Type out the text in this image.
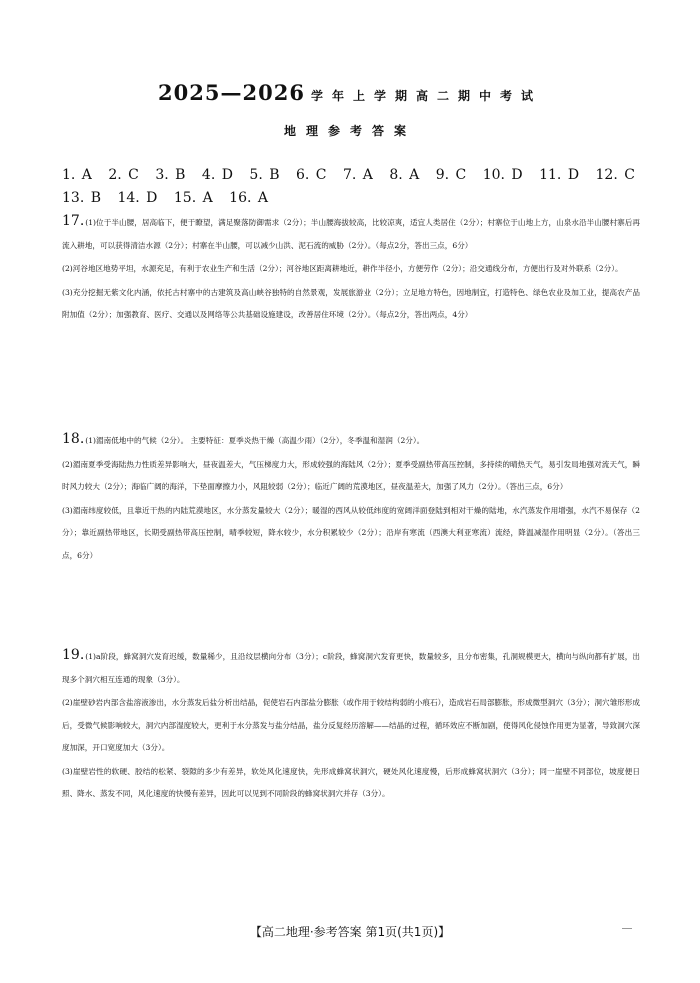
2025—2026 学年上学期高二期中考试
地理参考答案
1. A 2. C 3. B 4. D 5. B 6. C 7. A 8. A 9. C 10. D 11. D 12. C 13. B 14. D 15. A 16. A

17.(1)位于半山腰，居高临下，便于瞭望，满足聚落防御需求（2分）；半山腰海拔较高，比较凉爽，适宜人类居住（2分）；村寨位于山地上方，山泉水沿半山腰村寨后再流入耕地，可以获得清洁水源（2分）；村寨在半山腰，可以减少山洪、泥石流的威胁（2分）。（每点2分，答出三点，6分）

(2)河谷地区地势平坦，水源充足，有利于农业生产和生活（2分）；河谷地区距离耕地近，耕作半径小，方便劳作（2分）；沿交通线分布，方便出行及对外联系（2分）。

(3)充分挖掘无紫文化内涵，依托古村寨中的古建筑及高山峡谷独特的自然景观，发展旅游业（2分）；立足地方特色，因地制宜，打造特色、绿色农业及加工业，提高农产品附加值（2分）；加强教育、医疗、交通以及网络等公共基础设施建设，改善居住环境（2分）。（每点2分，答出两点，4分）

18.(1)湄南低地中的气候（2分）。 主要特征：夏季炎热干燥（高温少雨）（2分），冬季温和湿润（2分）。

(2)湄南夏季受海陆热力性质差异影响大，昼夜温差大，气压梯度力大，形成较强的海陆风（2分）；夏季受副热带高压控制，多持续的晴热天气，易引发局地强对流天气，瞬时风力较大（2分）；海临广阔的海洋，下垫面摩擦力小，风阻较弱（2分）；临近广阔的荒漠地区，昼夜温差大，加强了风力（2分）。（答出三点，6分）

(3)湄南纬度较低，且靠近干热的内陆荒漠地区，水分蒸发量较大（2分）；暖湿的西风从较低纬度的宽阔洋面登陆到相对干燥的陆地，水汽蒸发作用增强，水汽不易保存（2分）；靠近副热带地区，长期受副热带高压控制，晴季较短，降水较少，水分积累较少（2分）；沿岸有寒流（西澳大利亚寒流）流经，降温减湿作用明显（2分）。（答出三点，6分）

19.(1)a阶段，蜂窝洞穴发育迟缓，数量稀少，且沿纹层横向分布（3分）；c阶段，蜂窝洞穴发育更快，数量较多，且分布密集，孔洞规模更大，横向与纵向都有扩展，出现多个洞穴相互连通的现象（3分）。

(2)崖壁砂岩内部含盐溶液渗出，水分蒸发后盐分析出结晶，促使岩石内部盐分膨胀（或作用于较结构弱的小痕石），造成岩石局部膨胀，形成微型洞穴（3分）；洞穴雏形形成后，受微气候影响较大，洞穴内部湿度较大，更利于水分蒸发与盐分结晶，盐分反复经历溶解——结晶的过程，循环效应不断加剧，使得风化侵蚀作用更为显著，导致洞穴深度加深，开口宽度加大（3分）。

(3)崖壁岩性的软硬、胶结的松紧、裂隙的多少有差异，软处风化速度快，先形成蜂窝状洞穴，硬处风化速度慢，后形成蜂窝状洞穴（3分）；同一崖壁不同部位，坡度便日照、降水、蒸发不同，风化速度的快慢有差异，因此可以见到不同阶段的蜂窝状洞穴并存（3分）。

【高二地理·参考答案 第1页(共1页)】
